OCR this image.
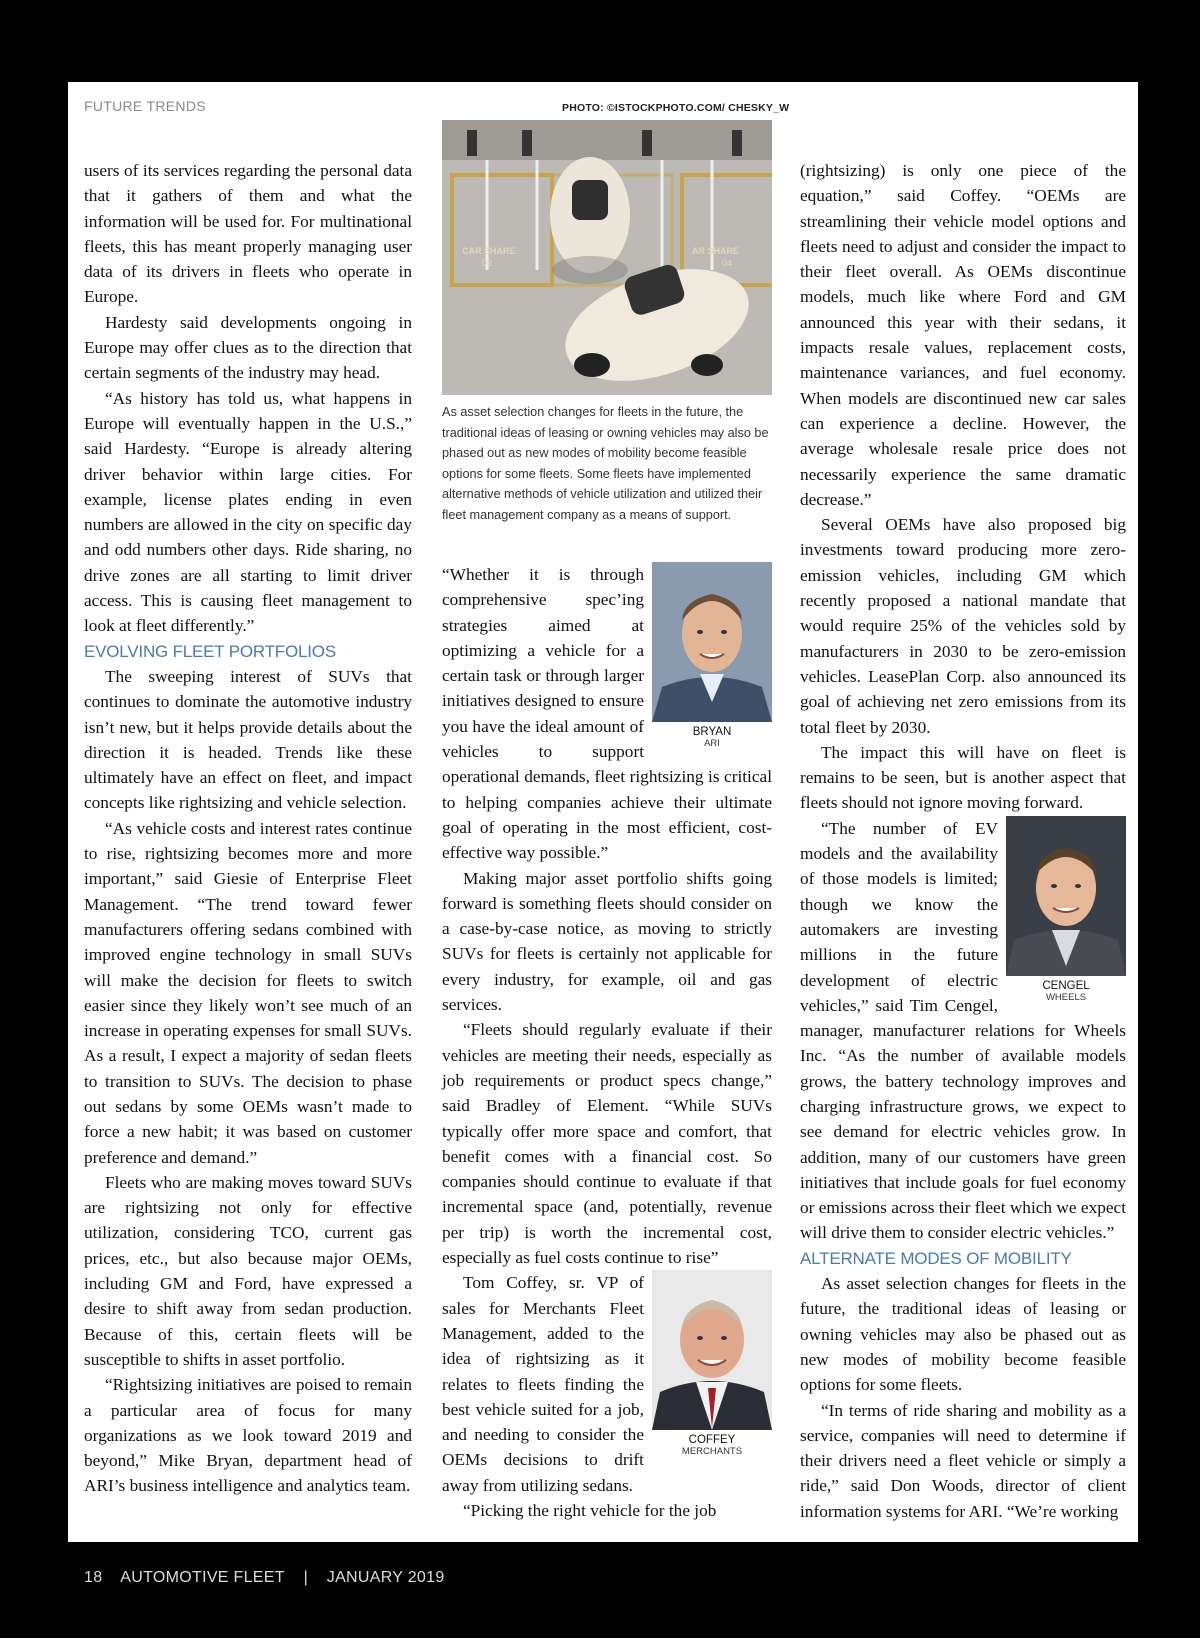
FUTURE TRENDS	PHOTO: ©ISTOCKPHOTO.COM/ CHESKY_W
CAR SHARE
02
AR SHARE
04
As asset selection changes for fleets in the future, the traditional ideas of leasing or owning vehicles may also be phased out as new modes of mobility become feasible options for some fleets. Some fleets have implemented alternative methods of vehicle utilization and utilized their fleet management company as a means of support.

users of its services regarding the personal data that it gathers of them and what the information will be used for. For multinational fleets, this has meant properly managing user data of its drivers in fleets who operate in Europe.

Hardesty said developments ongoing in Europe may offer clues as to the direction that certain segments of the industry may head.

“As history has told us, what happens in Europe will eventually happen in the U.S.,” said Hardesty. “Europe is already altering driver behavior within large cities. For example, license plates ending in even numbers are allowed in the city on specific day and odd numbers other days. Ride sharing, no drive zones are all starting to limit driver access. This is causing fleet management to look at fleet differently.”

EVOLVING FLEET PORTFOLIOS

The sweeping interest of SUVs that continues to dominate the automotive industry isn’t new, but it helps provide details about the direction it is headed. Trends like these ultimately have an effect on fleet, and impact concepts like rightsizing and vehicle selection.

“As vehicle costs and interest rates continue to rise, rightsizing becomes more and more important,” said Giesie of Enterprise Fleet Management. “The trend toward fewer manufacturers offering sedans combined with improved engine technology in small SUVs will make the decision for fleets to switch easier since they likely won’t see much of an increase in operating expenses for small SUVs. As a result, I expect a majority of sedan fleets to transition to SUVs. The decision to phase out sedans by some OEMs wasn’t made to force a new habit; it was based on customer preference and demand.”

Fleets who are making moves toward SUVs are rightsizing not only for effective utilization, considering TCO, current gas prices, etc., but also because major OEMs, including GM and Ford, have expressed a desire to shift away from sedan production. Because of this, certain fleets will be susceptible to shifts in asset portfolio.

“Rightsizing initiatives are poised to remain a particular area of focus for many organizations as we look toward 2019 and beyond,” Mike Bryan, department head of ARI’s business intelligence and analytics team.

BRYAN
ARI

“Whether it is through comprehensive spec’ing strategies aimed at optimizing a vehicle for a certain task or through larger initiatives designed to ensure you have the ideal amount of vehicles to support operational demands, fleet rightsizing is critical to helping companies achieve their ultimate goal of operating in the most efficient, cost-effective way possible.”

Making major asset portfolio shifts going forward is something fleets should consider on a case-by-case notice, as moving to strictly SUVs for fleets is certainly not applicable for every industry, for example, oil and gas services.

“Fleets should regularly evaluate if their vehicles are meeting their needs, especially as job requirements or product specs change,” said Bradley of Element. “While SUVs typically offer more space and comfort, that benefit comes with a financial cost. So companies should continue to evaluate if that incremental space (and, potentially, revenue per trip) is worth the incremental cost, especially as fuel costs continue to rise”

COFFEY
MERCHANTS

Tom Coffey, sr. VP of sales for Merchants Fleet Management, added to the idea of rightsizing as it relates to fleets finding the best vehicle suited for a job, and needing to consider the OEMs decisions to drift away from utilizing sedans.

“Picking the right vehicle for the job

(rightsizing) is only one piece of the equation,” said Coffey. “OEMs are streamlining their vehicle model options and fleets need to adjust and consider the impact to their fleet overall. As OEMs discontinue models, much like where Ford and GM announced this year with their sedans, it impacts resale values, replacement costs, maintenance variances, and fuel economy. When models are discontinued new car sales can experience a decline. However, the average wholesale resale price does not necessarily experience the same dramatic decrease.”

Several OEMs have also proposed big investments toward producing more zero-emission vehicles, including GM which recently proposed a national mandate that would require 25% of the vehicles sold by manufacturers in 2030 to be zero-emission vehicles. LeasePlan Corp. also announced its goal of achieving net zero emissions from its total fleet by 2030.

The impact this will have on fleet is remains to be seen, but is another aspect that fleets should not ignore moving forward.

CENGEL
WHEELS

“The number of EV models and the availability of those models is limited; though we know the automakers are investing millions in the future development of electric vehicles,” said Tim Cengel, manager, manufacturer relations for Wheels Inc. “As the number of available models grows, the battery technology improves and charging infrastructure grows, we expect to see demand for electric vehicles grow. In addition, many of our customers have green initiatives that include goals for fuel economy or emissions across their fleet which we expect will drive them to consider electric vehicles.”

ALTERNATE MODES OF MOBILITY

As asset selection changes for fleets in the future, the traditional ideas of leasing or owning vehicles may also be phased out as new modes of mobility become feasible options for some fleets.

“In terms of ride sharing and mobility as a service, companies will need to determine if their drivers need a fleet vehicle or simply a ride,” said Don Woods, director of client information systems for ARI. “We’re working

18 AUTOMOTIVE FLEET | JANUARY 2019
